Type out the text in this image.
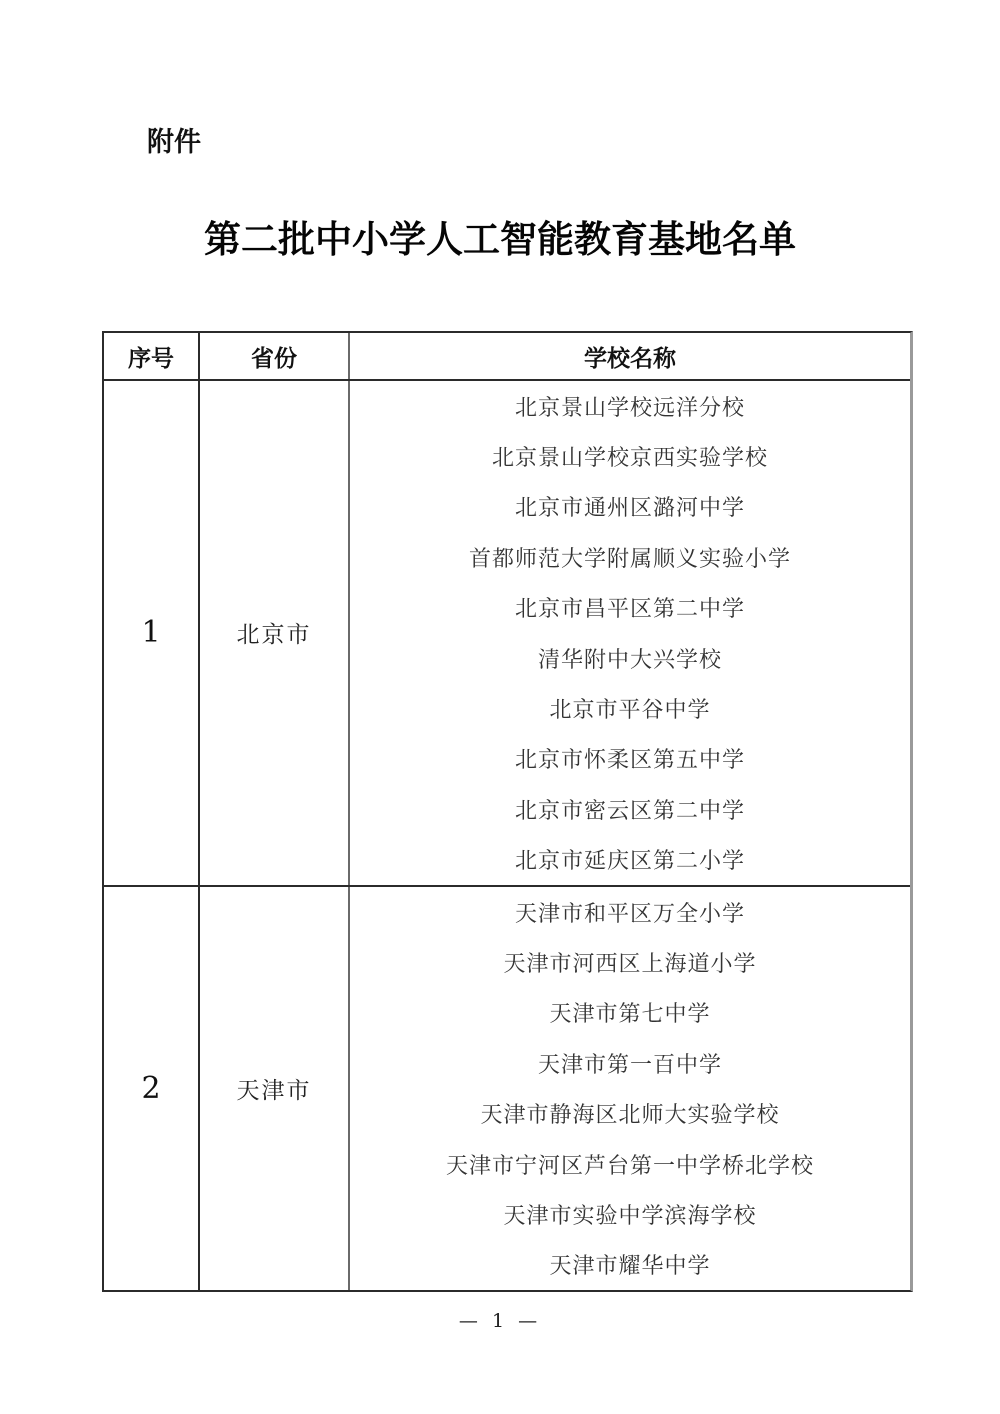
附件
第二批中小学人工智能教育基地名单
序号	省份	学校名称
1	北京市
北京景山学校远洋分校
北京景山学校京西实验学校
北京市通州区潞河中学
首都师范大学附属顺义实验小学
北京市昌平区第二中学
清华附中大兴学校
北京市平谷中学
北京市怀柔区第五中学
北京市密云区第二中学
北京市延庆区第二小学
2	天津市
天津市和平区万全小学
天津市河西区上海道小学
天津市第七中学
天津市第一百中学
天津市静海区北师大实验学校
天津市宁河区芦台第一中学桥北学校
天津市实验中学滨海学校
天津市耀华中学
— 1 —
